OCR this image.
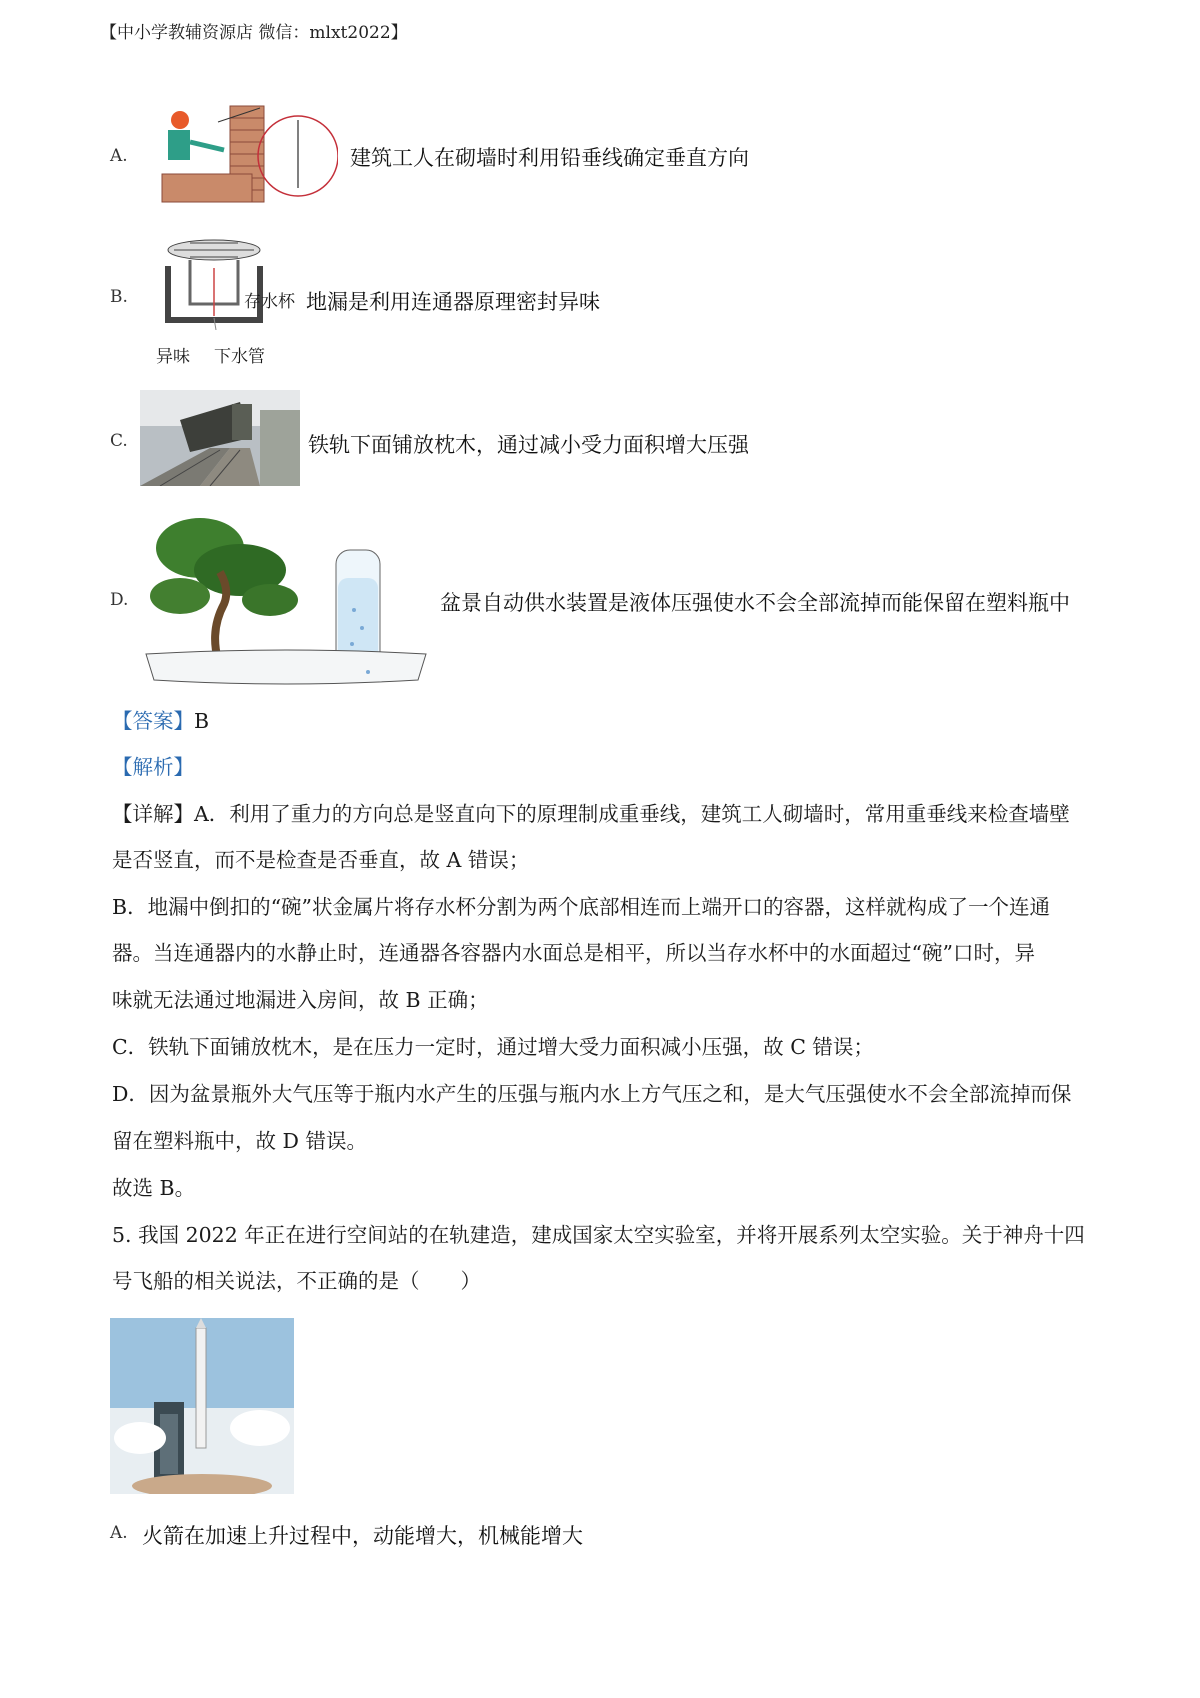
【中小学教辅资源店 微信：mlxt2022】
A.	建筑工人在砌墙时利用铅垂线确定垂直方向
B.	存水杯
异味 下水管
地漏是利用连通器原理密封异味
C.	铁轨下面铺放枕木，通过减小受力面积增大压强
D.	盆景自动供水装置是液体压强使水不会全部流掉而能保留在塑料瓶中
【答案】B
【解析】
【详解】A．利用了重力的方向总是竖直向下的原理制成重垂线，建筑工人砌墙时，常用重垂线来检查墙壁
是否竖直，而不是检查是否垂直，故 A 错误；
B．地漏中倒扣的“碗”状金属片将存水杯分割为两个底部相连而上端开口的容器，这样就构成了一个连通
器。当连通器内的水静止时，连通器各容器内水面总是相平，所以当存水杯中的水面超过“碗”口时，异
味就无法通过地漏进入房间，故 B 正确；
C．铁轨下面铺放枕木，是在压力一定时，通过增大受力面积减小压强，故 C 错误；
D．因为盆景瓶外大气压等于瓶内水产生的压强与瓶内水上方气压之和，是大气压强使水不会全部流掉而保
留在塑料瓶中，故 D 错误。
故选 B。
5. 我国 2022 年正在进行空间站的在轨建造，建成国家太空实验室，并将开展系列太空实验。关于神舟十四
号飞船的相关说法，不正确的是（　　）
A. 火箭在加速上升过程中，动能增大，机械能增大
